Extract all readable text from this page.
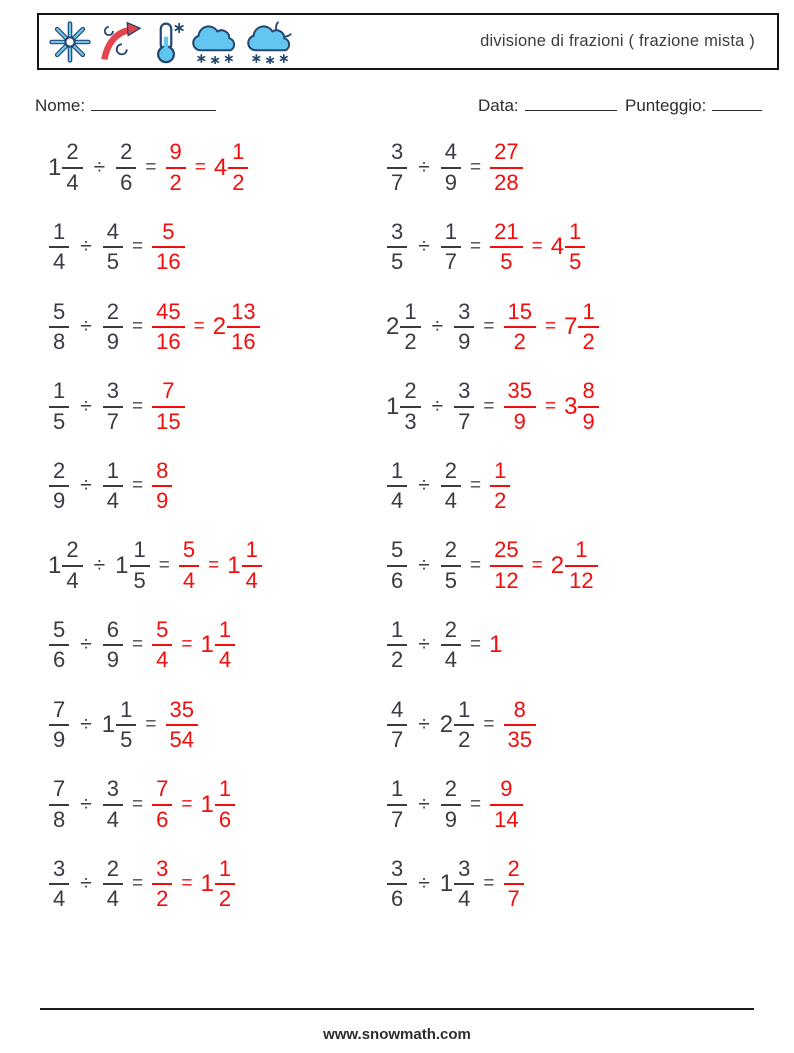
divisione di frazioni ( frazione mista )
Nome:	Data:	Punteggio:
$1 \frac{2}{4} \div \frac{2}{6} = \frac{9}{2} = 4 \frac{1}{2}$
$\frac{1}{4} \div \frac{4}{5} = \frac{5}{16}$
$\frac{5}{8} \div \frac{2}{9} = \frac{45}{16} = 2 \frac{13}{16}$
$\frac{1}{5} \div \frac{3}{7} = \frac{7}{15}$
$\frac{2}{9} \div \frac{1}{4} = \frac{8}{9}$
$1 \frac{2}{4} \div 1 \frac{1}{5} = \frac{5}{4} = 1 \frac{1}{4}$
$\frac{5}{6} \div \frac{6}{9} = \frac{5}{4} = 1 \frac{1}{4}$
$\frac{7}{9} \div 1 \frac{1}{5} = \frac{35}{54}$
$\frac{7}{8} \div \frac{3}{4} = \frac{7}{6} = 1 \frac{1}{6}$
$\frac{3}{4} \div \frac{2}{4} = \frac{3}{2} = 1 \frac{1}{2}$
$\frac{3}{7} \div \frac{4}{9} = \frac{27}{28}$
$\frac{3}{5} \div \frac{1}{7} = \frac{21}{5} = 4 \frac{1}{5}$
$2 \frac{1}{2} \div \frac{3}{9} = \frac{15}{2} = 7 \frac{1}{2}$
$1 \frac{2}{3} \div \frac{3}{7} = \frac{35}{9} = 3 \frac{8}{9}$
$\frac{1}{4} \div \frac{2}{4} = \frac{1}{2}$
$\frac{5}{6} \div \frac{2}{5} = \frac{25}{12} = 2 \frac{1}{12}$
$\frac{1}{2} \div \frac{2}{4} = 1$
$\frac{4}{7} \div 2 \frac{1}{2} = \frac{8}{35}$
$\frac{1}{7} \div \frac{2}{9} = \frac{9}{14}$
$\frac{3}{6} \div 1 \frac{3}{4} = \frac{2}{7}$
www.snowmath.com
